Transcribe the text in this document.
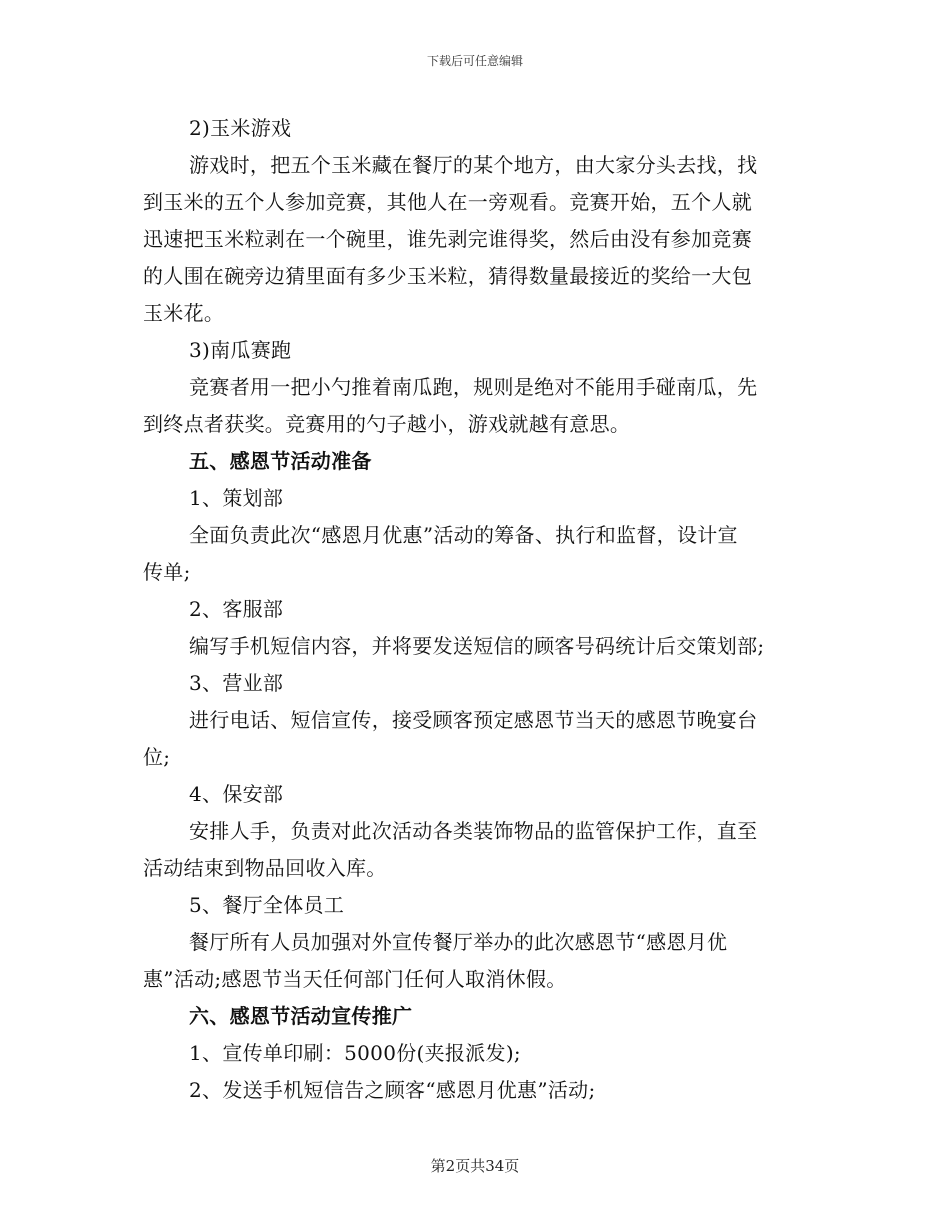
下载后可任意编辑
2)玉米游戏
游戏时，把五个玉米藏在餐厅的某个地方，由大家分头去找，找
到玉米的五个人参加竞赛，其他人在一旁观看。竞赛开始，五个人就
迅速把玉米粒剥在一个碗里，谁先剥完谁得奖，然后由没有参加竞赛
的人围在碗旁边猜里面有多少玉米粒，猜得数量最接近的奖给一大包
玉米花。
3)南瓜赛跑
竞赛者用一把小勺推着南瓜跑，规则是绝对不能用手碰南瓜，先
到终点者获奖。竞赛用的勺子越小，游戏就越有意思。
五、感恩节活动准备
1、策划部
全面负责此次“感恩月优惠”活动的筹备、执行和监督，设计宣
传单;
2、客服部
编写手机短信内容，并将要发送短信的顾客号码统计后交策划部;
3、营业部
进行电话、短信宣传，接受顾客预定感恩节当天的感恩节晚宴台
位;
4、保安部
安排人手，负责对此次活动各类装饰物品的监管保护工作，直至
活动结束到物品回收入库。
5、餐厅全体员工
餐厅所有人员加强对外宣传餐厅举办的此次感恩节“感恩月优
惠”活动;感恩节当天任何部门任何人取消休假。
六、感恩节活动宣传推广
1、宣传单印刷：5000份(夹报派发);
2、发送手机短信告之顾客“感恩月优惠”活动;
第2页共34页
